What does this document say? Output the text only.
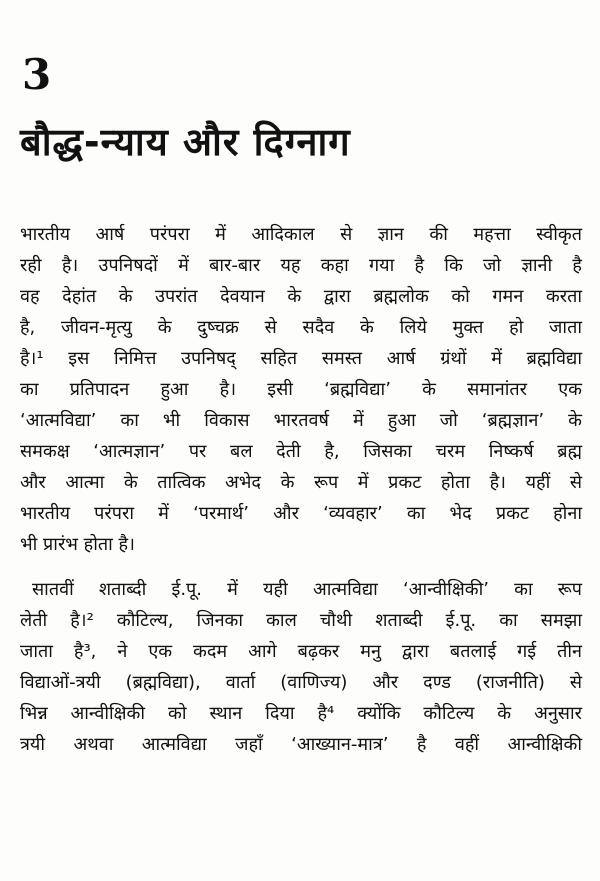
3
बौद्ध-न्याय और दिग्नाग
भारतीय आर्ष परंपरा में आदिकाल से ज्ञान की महत्ता स्वीकृत
रही है। उपनिषदों में बार-बार यह कहा गया है कि जो ज्ञानी है
वह देहांत के उपरांत देवयान के द्वारा ब्रह्मलोक को गमन करता
है, जीवन-मृत्यु के दुष्चक्र से सदैव के लिये मुक्त हो जाता
है।¹ इस निमित्त उपनिषद् सहित समस्त आर्ष ग्रंथों में ब्रह्मविद्या
का प्रतिपादन हुआ है। इसी ‘ब्रह्मविद्या’ के समानांतर एक
‘आत्मविद्या’ का भी विकास भारतवर्ष में हुआ जो ‘ब्रह्मज्ञान’ के
समकक्ष ‘आत्मज्ञान’ पर बल देती है, जिसका चरम निष्कर्ष ब्रह्म
और आत्मा के तात्विक अभेद के रूप में प्रकट होता है। यहीं से
भारतीय परंपरा में ‘परमार्थ’ और ‘व्यवहार’ का भेद प्रकट होना
भी प्रारंभ होता है।
सातवीं शताब्दी ई.पू. में यही आत्मविद्या ‘आन्वीक्षिकी’ का रूप
लेती है।² कौटिल्य, जिनका काल चौथी शताब्दी ई.पू. का समझा
जाता है³, ने एक कदम आगे बढ़कर मनु द्वारा बतलाई गई तीन
विद्याओं-त्रयी (ब्रह्मविद्या), वार्ता (वाणिज्य) और दण्ड (राजनीति) से
भिन्न आन्वीक्षिकी को स्थान दिया है⁴ क्योंकि कौटिल्य के अनुसार
त्रयी अथवा आत्मविद्या जहाँ ‘आख्यान-मात्र’ है वहीं आन्वीक्षिकी
